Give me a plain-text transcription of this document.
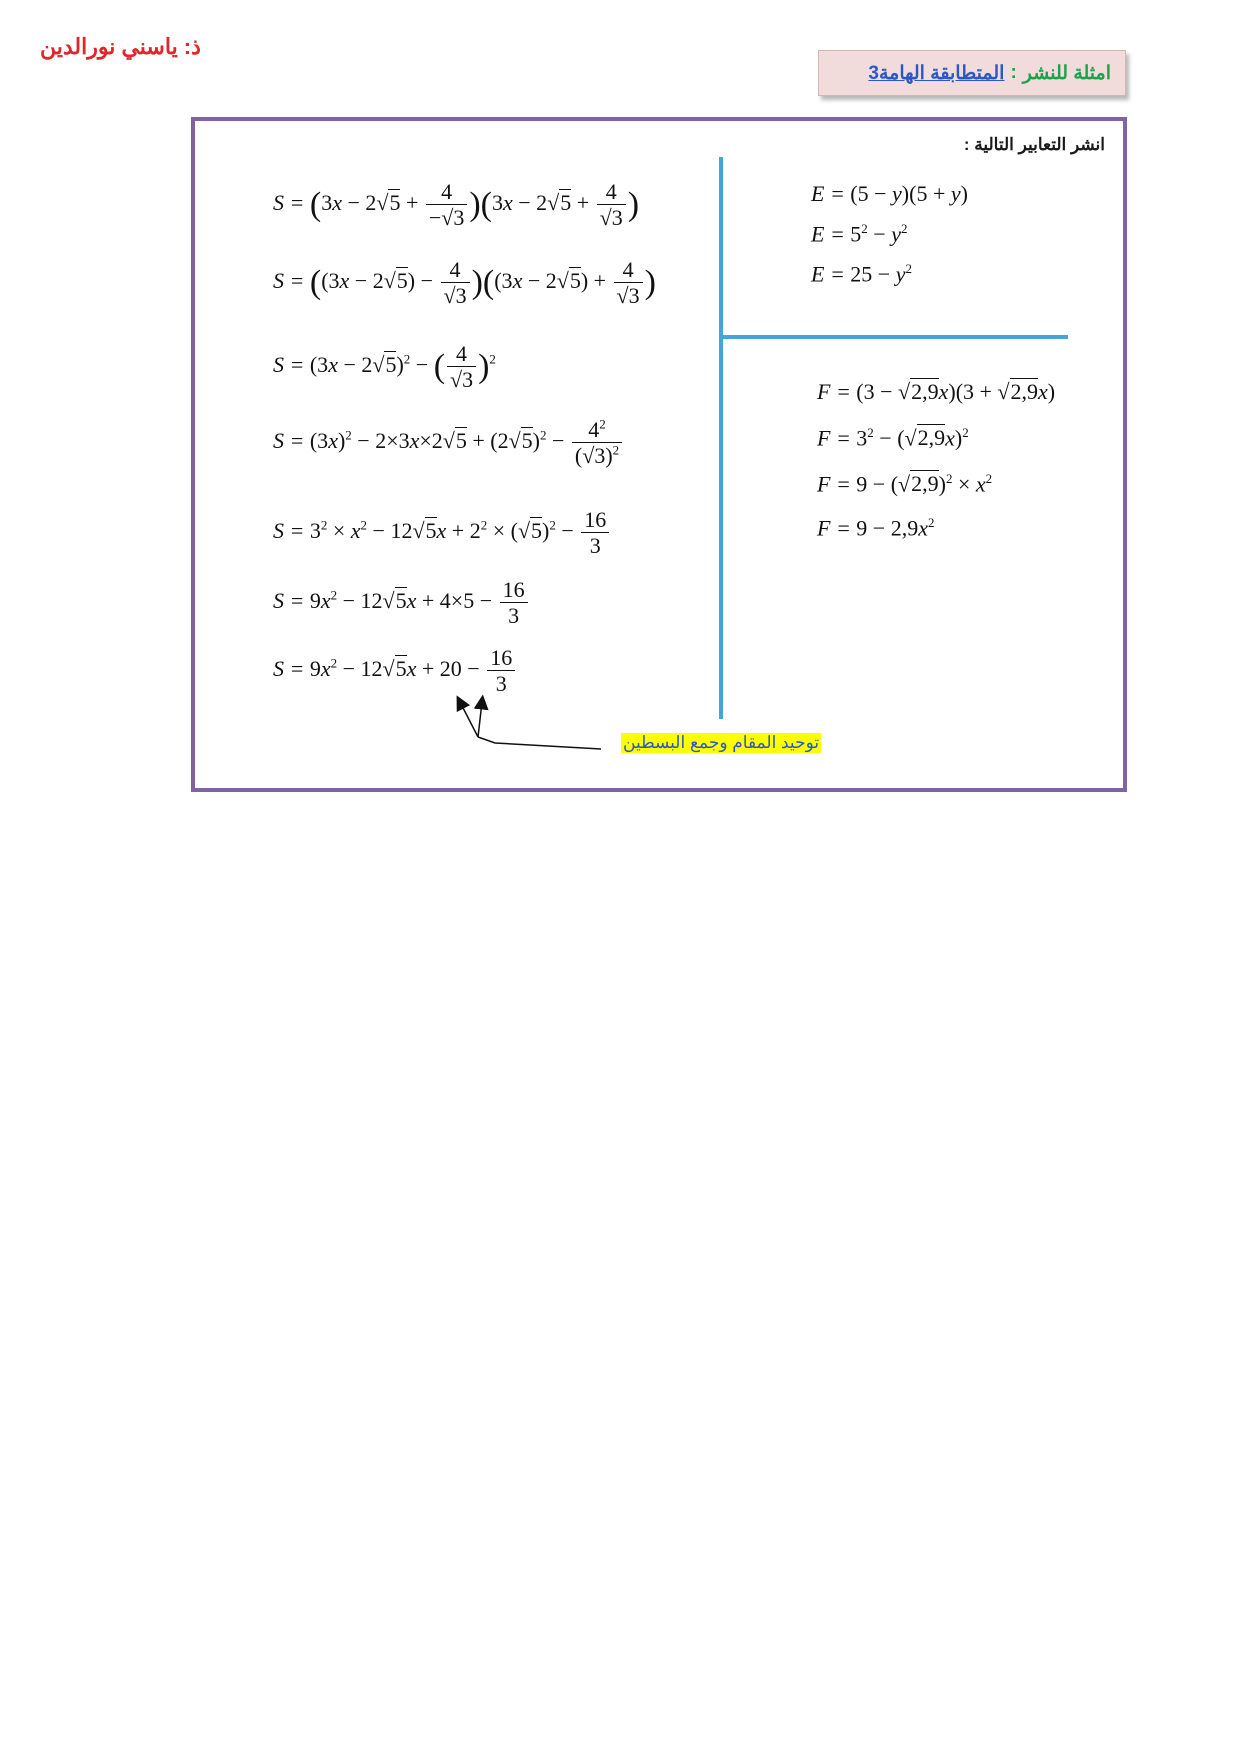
ذ: ياسني نورالدين
امثلة للنشر
:
المتطابقة الهامة3
انشر التعابير التالية :
E = (5 − y)(5 + y)
$E = 5^2 - y^2$
$E = 25 - y^2$
F = (3 − √2,9x)(3 + √2,9x)
$F = 3^2 - (√2,9x)^2$
$F = 9 - (√2,9)^2 \times x^2$
$F = 9 - 2,9x^2$
$S = (3x - 2√5 + \frac{4}{-√3} )(3x - 2√5 + \frac{4}{√3}$ )
$S = ((3x - 2√5) - \frac{4}{√3} )((3x - 2√5) + \frac{4}{√3}$ )
$S = (3x - 2√5)^2$ − ( $\frac{4}{√3} )^2$
$S = (3x)^2 - 2\times 3x\times 2√5 + (2√5)^2 - \frac{4^2}{(√3)^2}$
$S = 3^2 \times x^2 - 12√5x + 2^2 \times (√5)^2 - \frac{16}{3}$
$S = 9x^2 - 12√5x + 4\times 5 - \frac{16}{3}$
$S = 9x^2 - 12√5x + 20 - \frac{16}{3}$
توحيد المقام وجمع البسطين
